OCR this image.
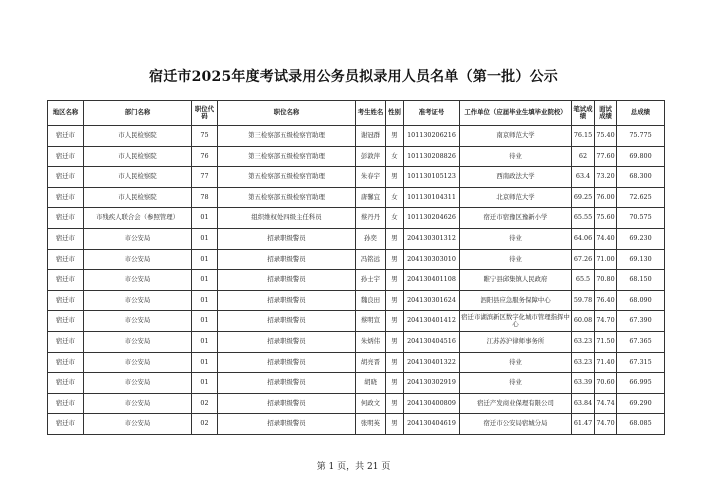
宿迁市2025年度考试录用公务员拟录用人员名单（第一批）公示
地区名称	部门名称	职位代码	职位名称	考生姓名	性别	准考证号	工作单位（应届毕业生填毕业院校）	笔试成绩	面试成绩	总成绩
宿迁市	市人民检察院	75	第三检察部五级检察官助理	谢冠群	男	101130206216	南京师范大学	76.15	75.40	75.775
宿迁市	市人民检察院	76	第三检察部五级检察官助理	彭敦萍	女	101130208826	待业	62	77.60	69.800
宿迁市	市人民检察院	77	第五检察部五级检察官助理	朱春宇	男	101130105123	西南政法大学	63.4	73.20	68.300
宿迁市	市人民检察院	78	第五检察部五级检察官助理	唐馨宜	女	101130104311	北京师范大学	69.25	76.00	72.625
宿迁市	市残疾人联合会（参照管理）	01	组织维权处四级主任科员	蔡丹丹	女	101130204626	宿迁市宿豫区豫新小学	65.55	75.60	70.575
宿迁市	市公安局	01	招录职级警员	孙奕	男	204130301312	待业	64.06	74.40	69.230
宿迁市	市公安局	01	招录职级警员	冯铭远	男	204130303010	待业	67.26	71.00	69.130
宿迁市	市公安局	01	招录职级警员	孙士宇	男	204130401108	睢宁县邱集镇人民政府	65.5	70.80	68.150
宿迁市	市公安局	01	招录职级警员	魏良田	男	204130301624	泗阳县应急服务保障中心	59.78	76.40	68.090
宿迁市	市公安局	01	招录职级警员	蔡明宣	男	204130401412	宿迁市湖滨新区数字化城市管理指挥中心	60.08	74.70	67.390
宿迁市	市公安局	01	招录职级警员	朱炳伟	男	204130404516	江苏苏沪律师事务所	63.23	71.50	67.365
宿迁市	市公安局	01	招录职级警员	胡亮晋	男	204130401322	待业	63.23	71.40	67.315
宿迁市	市公安局	01	招录职级警员	胡晓	男	204130302919	待业	63.39	70.60	66.995
宿迁市	市公安局	02	招录职级警员	何政文	男	204130400809	宿迁产发商业保理有限公司	63.84	74.74	69.290
宿迁市	市公安局	02	招录职级警员	张明英	男	204130404619	宿迁市公安局宿城分局	61.47	74.70	68.085
第 1 页，共 21 页
